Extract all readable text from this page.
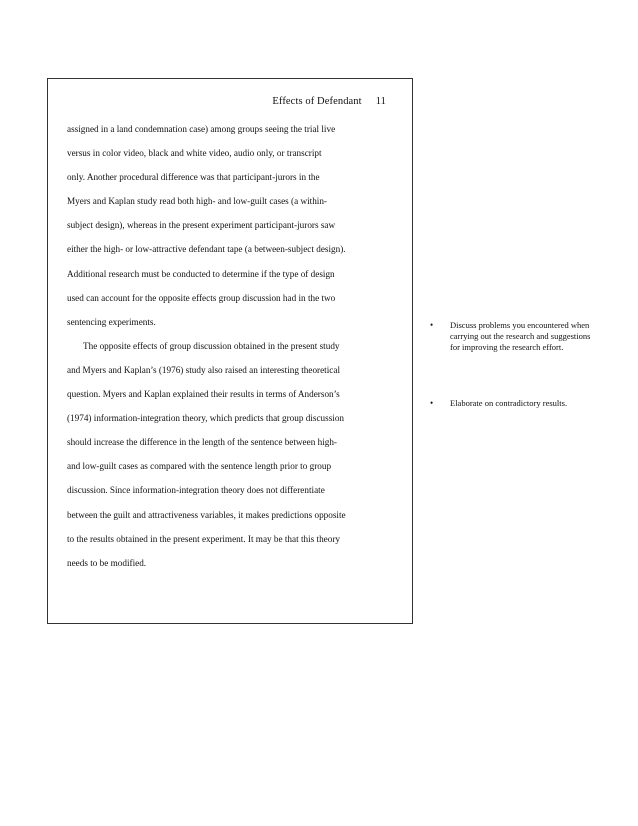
Effects of Defendant 11
assigned in a land condemnation case) among groups seeing the trial live
versus in color video, black and white video, audio only, or transcript
only. Another procedural difference was that participant-jurors in the
Myers and Kaplan study read both high- and low-guilt cases (a within-
subject design), whereas in the present experiment participant-jurors saw
either the high- or low-attractive defendant tape (a between-subject design).
Additional research must be conducted to determine if the type of design
used can account for the opposite effects group discussion had in the two
sentencing experiments.
The opposite effects of group discussion obtained in the present study
and Myers and Kaplan’s (1976) study also raised an interesting theoretical
question. Myers and Kaplan explained their results in terms of Anderson’s
(1974) information-integration theory, which predicts that group discussion
should increase the difference in the length of the sentence between high-
and low-guilt cases as compared with the sentence length prior to group
discussion. Since information-integration theory does not differentiate
between the guilt and attractiveness variables, it makes predictions opposite
to the results obtained in the present experiment. It may be that this theory
needs to be modified.
• Discuss problems you encountered when
carrying out the research and suggestions
for improving the research effort.
• Elaborate on contradictory results.
